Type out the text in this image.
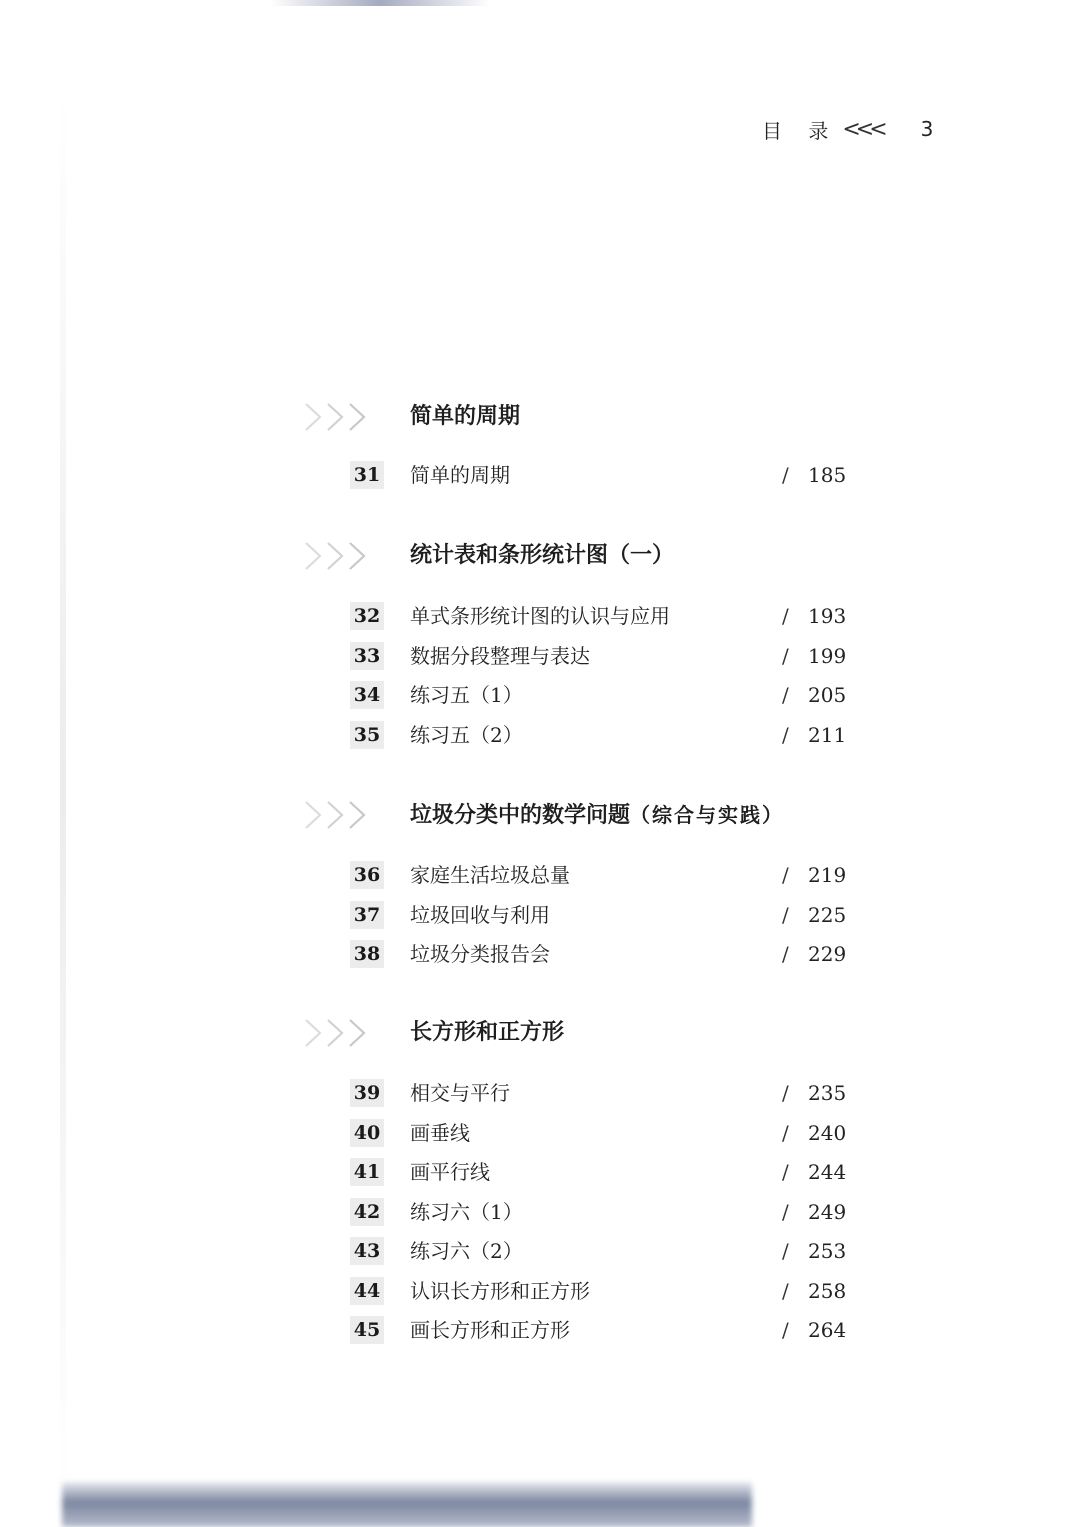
目 录 <<< 3
简单的周期
31 简单的周期	/ 185
统计表和条形统计图（一）
32 单式条形统计图的认识与应用	/ 193
33 数据分段整理与表达	/ 199
34 练习五（1）	/ 205
35 练习五（2）	/ 211
垃圾分类中的数学问题（综合与实践）
36 家庭生活垃圾总量	/ 219
37 垃圾回收与利用	/ 225
38 垃圾分类报告会	/ 229
长方形和正方形
39 相交与平行	/ 235
40 画垂线	/ 240
41 画平行线	/ 244
42 练习六（1）	/ 249
43 练习六（2）	/ 253
44 认识长方形和正方形	/ 258
45 画长方形和正方形	/ 264
